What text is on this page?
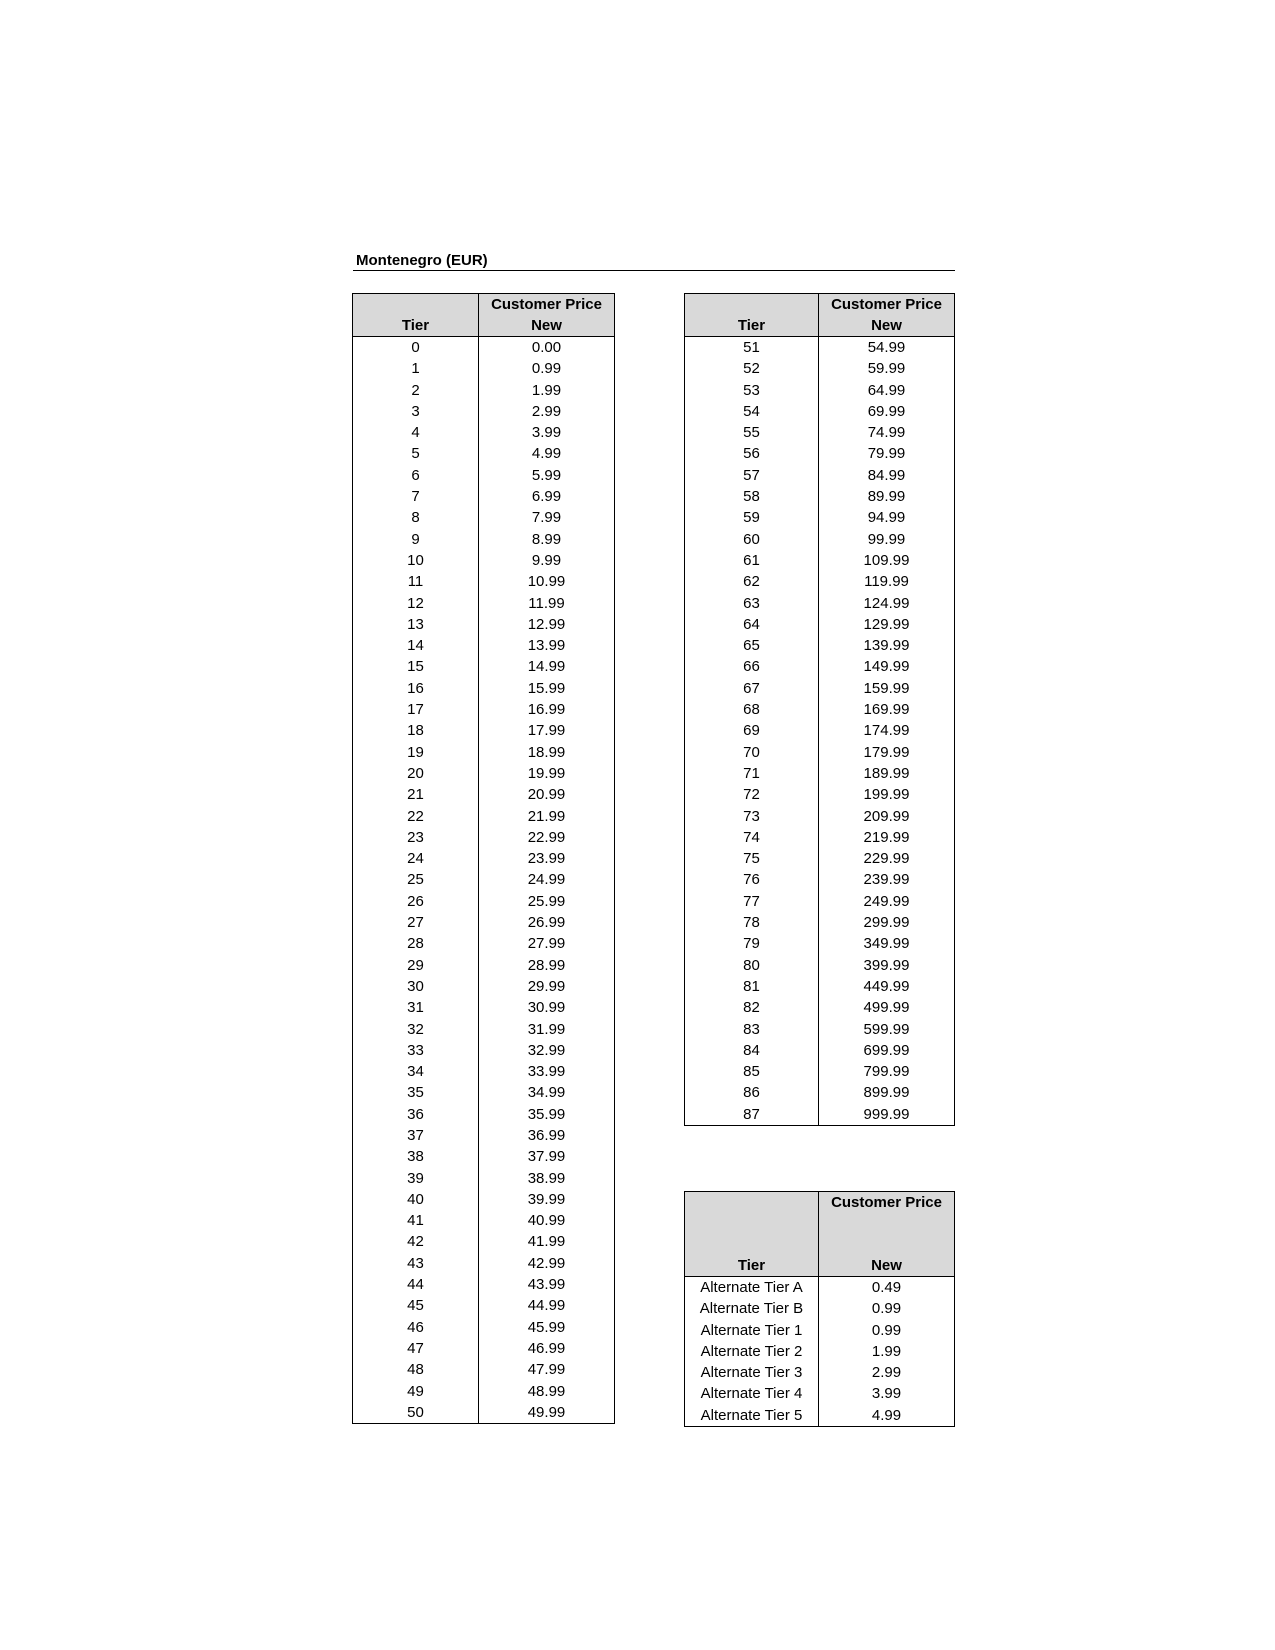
Montenegro (EUR)
Tier	Customer Price
New

0	0.00
1	0.99
2	1.99
3	2.99
4	3.99
5	4.99
6	5.99
7	6.99
8	7.99
9	8.99
10	9.99
11	10.99
12	11.99
13	12.99
14	13.99
15	14.99
16	15.99
17	16.99
18	17.99
19	18.99
20	19.99
21	20.99
22	21.99
23	22.99
24	23.99
25	24.99
26	25.99
27	26.99
28	27.99
29	28.99
30	29.99
31	30.99
32	31.99
33	32.99
34	33.99
35	34.99
36	35.99
37	36.99
38	37.99
39	38.99
40	39.99
41	40.99
42	41.99
43	42.99
44	43.99
45	44.99
46	45.99
47	46.99
48	47.99
49	48.99
50	49.99
Tier	Customer Price
New

51	54.99
52	59.99
53	64.99
54	69.99
55	74.99
56	79.99
57	84.99
58	89.99
59	94.99
60	99.99
61	109.99
62	119.99
63	124.99
64	129.99
65	139.99
66	149.99
67	159.99
68	169.99
69	174.99
70	179.99
71	189.99
72	199.99
73	209.99
74	219.99
75	229.99
76	239.99
77	249.99
78	299.99
79	349.99
80	399.99
81	449.99
82	499.99
83	599.99
84	699.99
85	799.99
86	899.99
87	999.99
Tier	Customer Price
New

Alternate Tier A	0.49
Alternate Tier B	0.99
Alternate Tier 1	0.99
Alternate Tier 2	1.99
Alternate Tier 3	2.99
Alternate Tier 4	3.99
Alternate Tier 5	4.99
